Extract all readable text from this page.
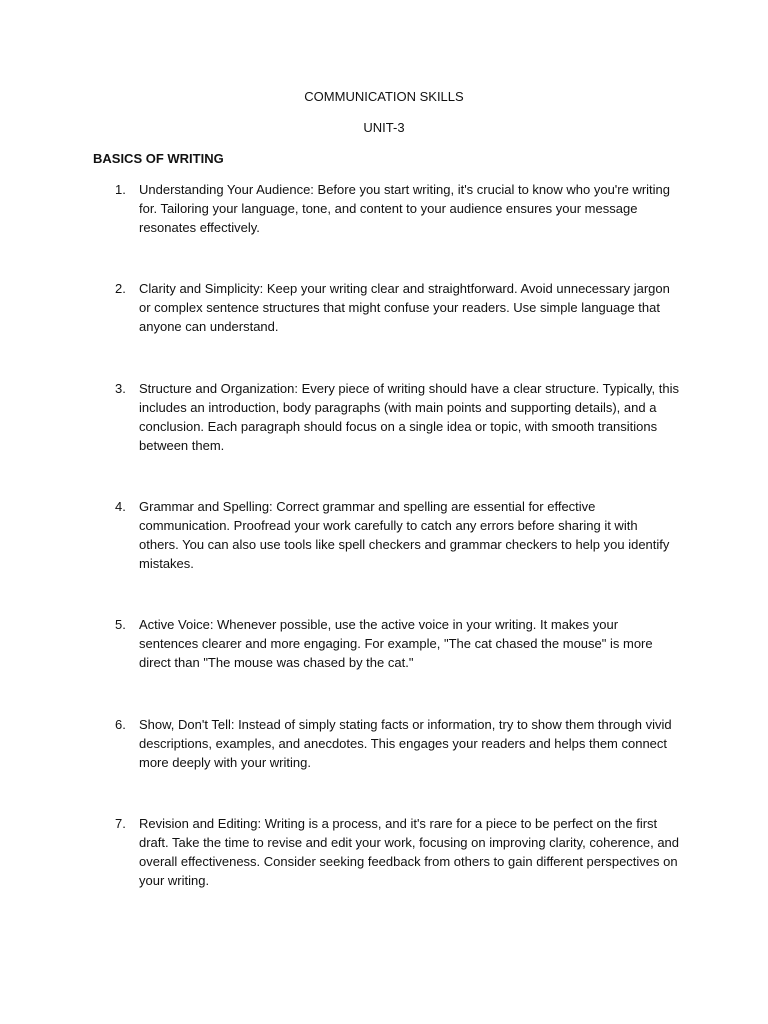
COMMUNICATION SKILLS
UNIT-3
BASICS OF WRITING
1.	Understanding Your Audience: Before you start writing, it's crucial to know who you're writing for. Tailoring your language, tone, and content to your audience ensures your message resonates effectively.

2.	Clarity and Simplicity: Keep your writing clear and straightforward. Avoid unnecessary jargon or complex sentence structures that might confuse your readers. Use simple language that anyone can understand.

3.	Structure and Organization: Every piece of writing should have a clear structure. Typically, this includes an introduction, body paragraphs (with main points and supporting details), and a conclusion. Each paragraph should focus on a single idea or topic, with smooth transitions between them.

4.	Grammar and Spelling: Correct grammar and spelling are essential for effective communication. Proofread your work carefully to catch any errors before sharing it with others. You can also use tools like spell checkers and grammar checkers to help you identify mistakes.

5.	Active Voice: Whenever possible, use the active voice in your writing. It makes your sentences clearer and more engaging. For example, "The cat chased the mouse" is more direct than "The mouse was chased by the cat."

6.	Show, Don't Tell: Instead of simply stating facts or information, try to show them through vivid descriptions, examples, and anecdotes. This engages your readers and helps them connect more deeply with your writing.

7.	Revision and Editing: Writing is a process, and it's rare for a piece to be perfect on the first draft. Take the time to revise and edit your work, focusing on improving clarity, coherence, and overall effectiveness. Consider seeking feedback from others to gain different perspectives on your writing.
